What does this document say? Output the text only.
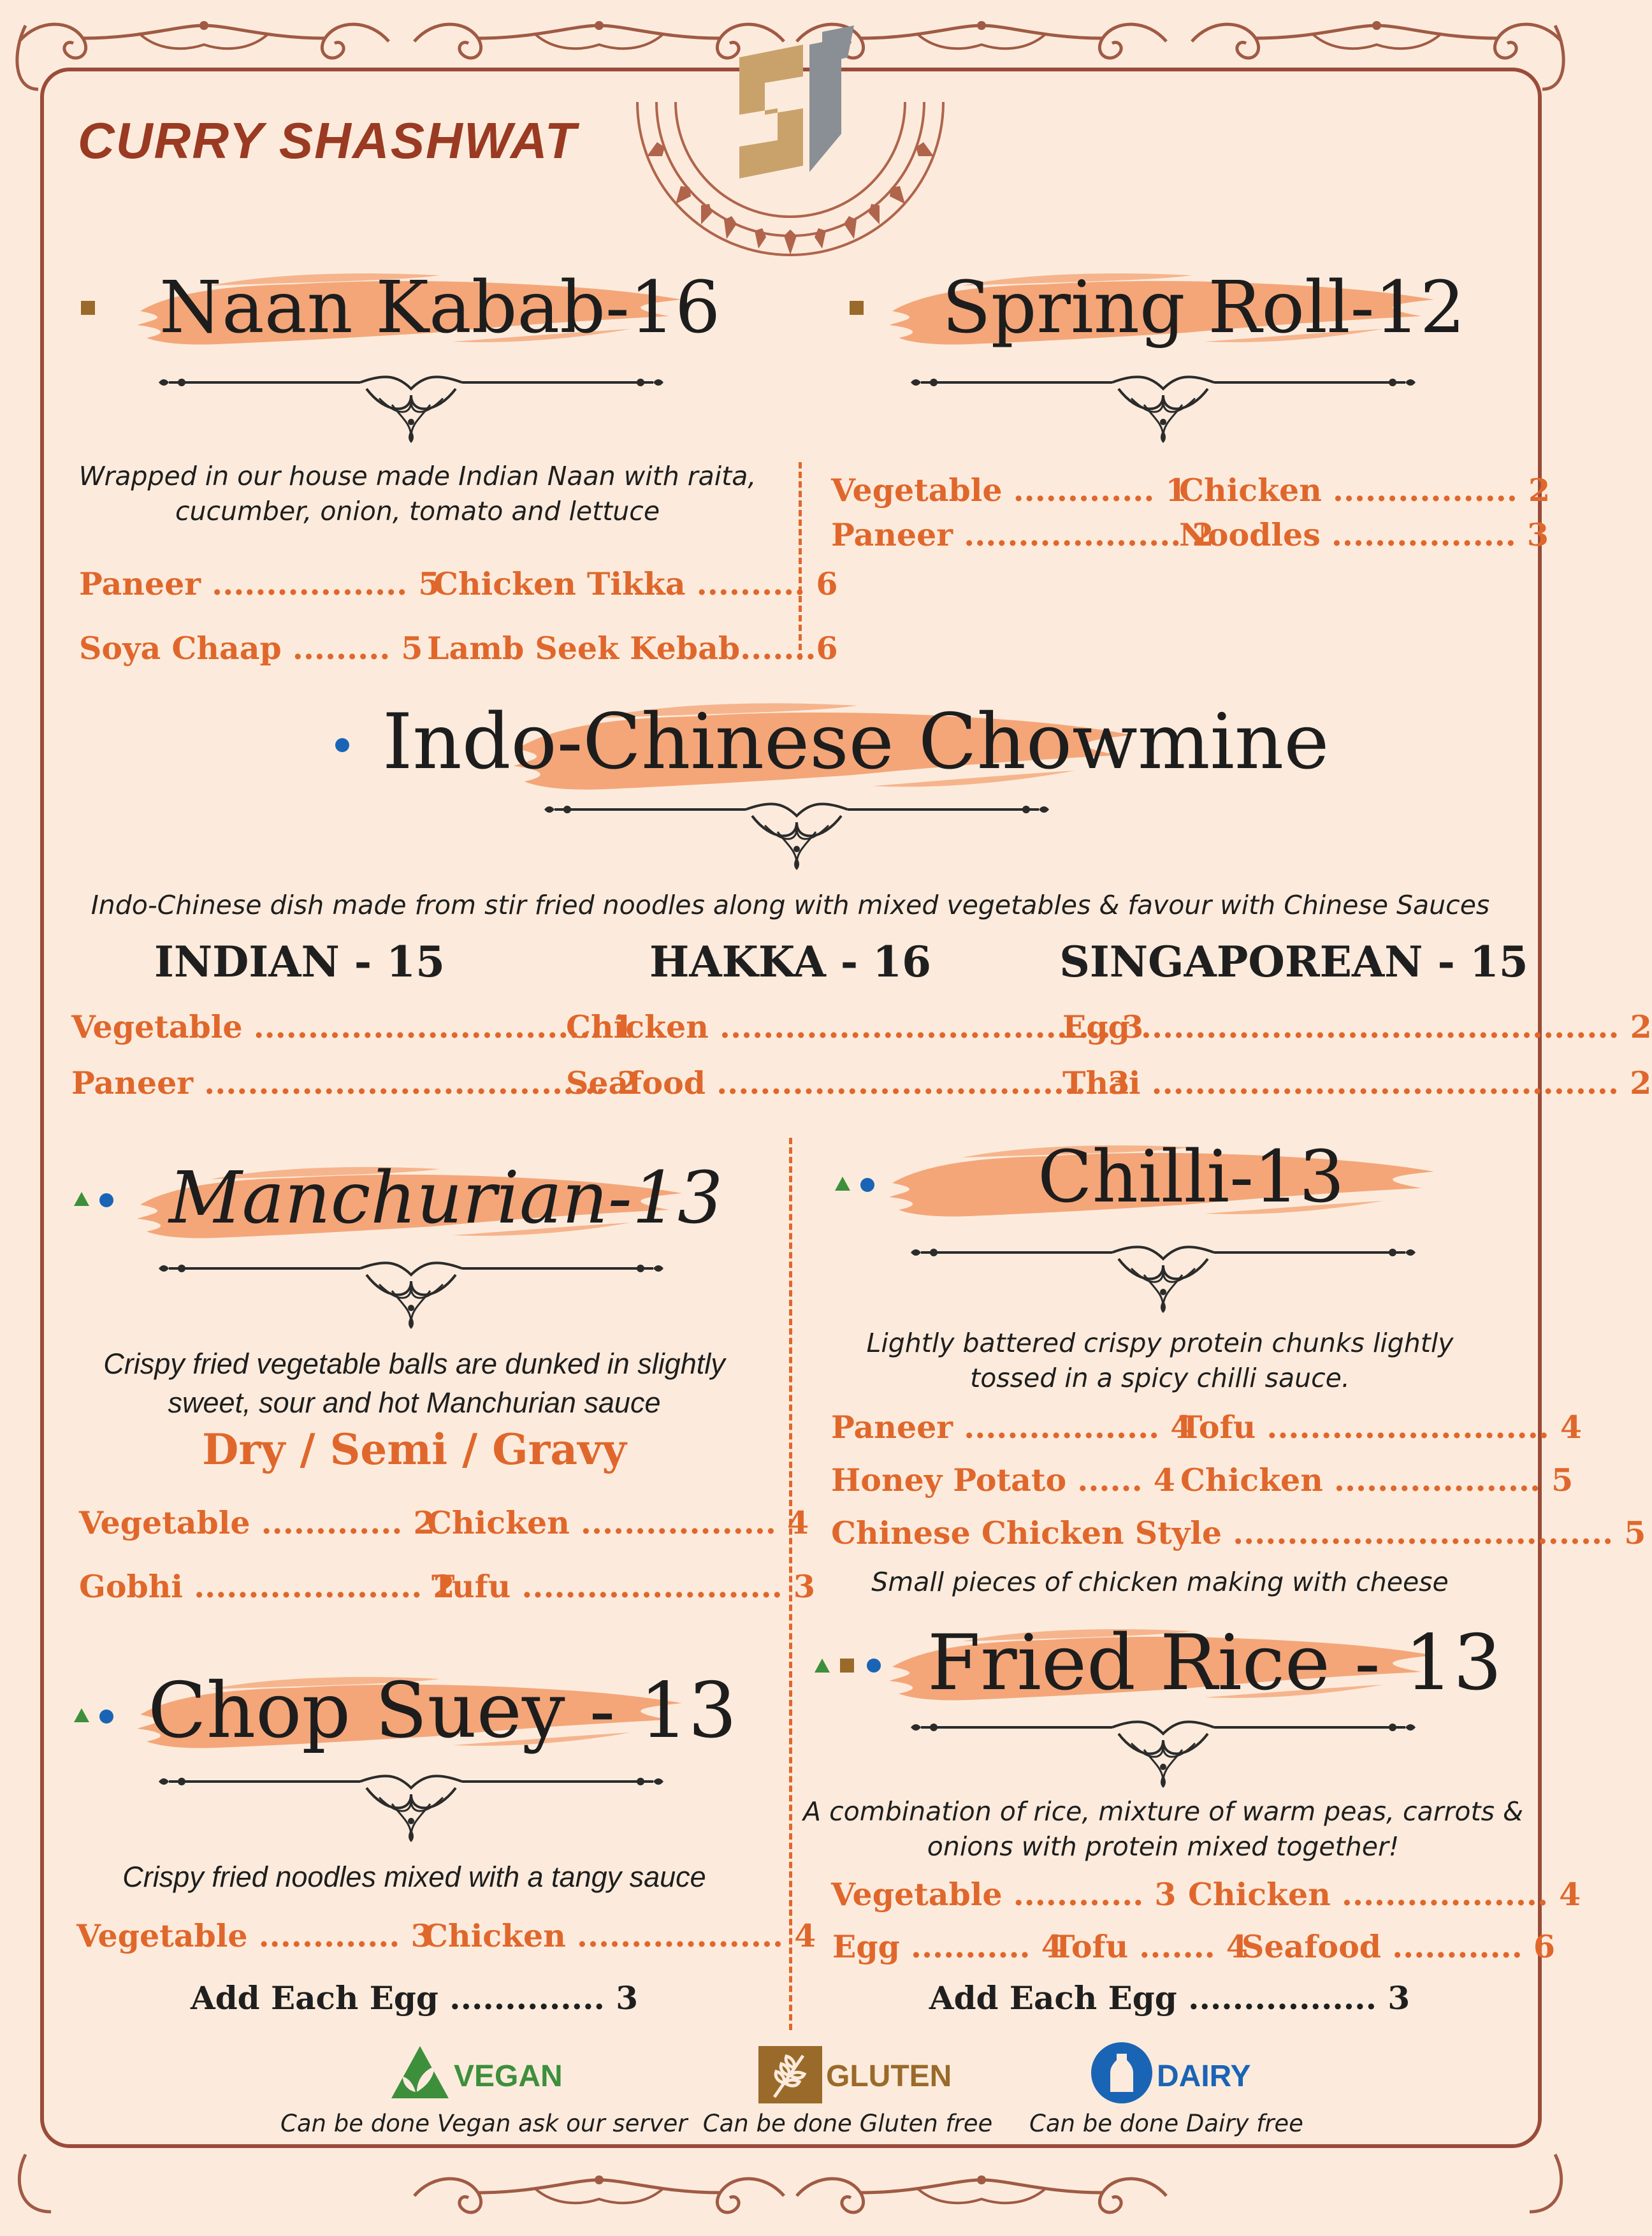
CURRY SHASHWAT
Naan Kabab-16
Wrapped in our house made Indian Naan with raita, cucumber, onion, tomato and lettuce
Paneer .................. 5
Chicken Tikka .......... 6
Soya Chaap ......... 5 Lamb Seek Kebab.......6
Spring Roll-12
Vegetable ............. 1
Chicken ................. 2
Paneer .................... 2
Noodles ................. 3
Indo-Chinese Chowmine
Indo-Chinese dish made from stir fried noodles along with mixed vegetables & favour with Chinese Sauces
INDIAN - 15	HAKKA - 16	SINGAPOREAN - 15
Vegetable ................................ 1
Paneer ..................................... 2
Chicken .................................... 3
Seafood ................................... 3
Egg ............................................ 2
Thai ........................................... 2
Manchurian-13
Crispy fried vegetable balls are dunked in slightly sweet, sour and hot Manchurian sauce
Dry / Semi / Gravy
Vegetable ............. 2
Chicken .................. 4
Gobhi ..................... 2
Tufu ........................ 3
Chilli-13
Lightly battered crispy protein chunks lightly tossed in a spicy chilli sauce.
Paneer .................. 4
Tofu .......................... 4
Honey Potato ...... 4 Chicken ................... 5
Chinese Chicken Style ................................... 5
Small pieces of chicken making with cheese
Chop Suey - 13
Crispy fried noodles mixed with a tangy sauce
Vegetable ............. 3
Chicken ................... 4
Add Each Egg .............. 3
Fried Rice - 13
A combination of rice, mixture of warm peas, carrots & onions with protein mixed together!
Vegetable ............ 3 Chicken ................... 4
Egg ........... 4
Tofu ....... 4
Seafood ............ 6
Add Each Egg ................. 3
VEGAN
Can be done Vegan ask our server
GLUTEN
Can be done Gluten free
DAIRY
Can be done Dairy free
